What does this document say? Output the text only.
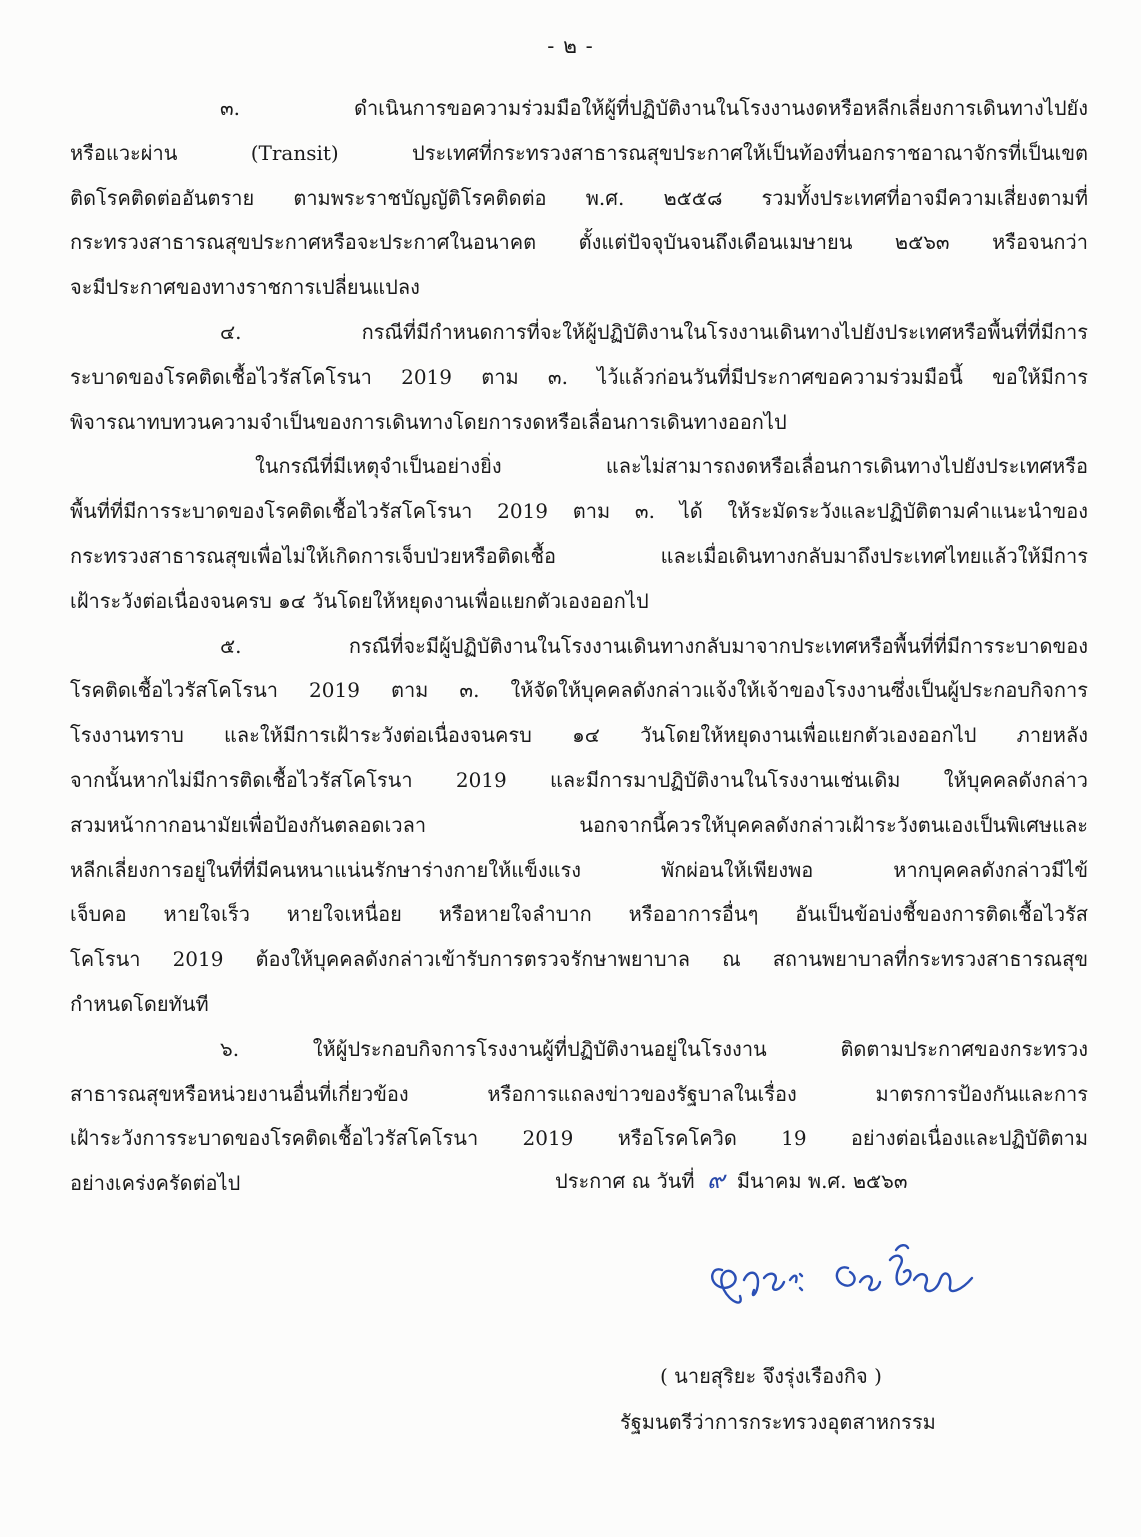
- ๒ -

๓. ดำเนินการขอความร่วมมือให้ผู้ที่ปฏิบัติงานในโรงงานงดหรือหลีกเลี่ยงการเดินทางไปยัง
หรือแวะผ่าน (Transit) ประเทศที่กระทรวงสาธารณสุขประกาศให้เป็นท้องที่นอกราชอาณาจักรที่เป็นเขต
ติดโรคติดต่ออันตราย ตามพระราชบัญญัติโรคติดต่อ พ.ศ. ๒๕๕๘ รวมทั้งประเทศที่อาจมีความเสี่ยงตามที่
กระทรวงสาธารณสุขประกาศหรือจะประกาศในอนาคต ตั้งแต่ปัจจุบันจนถึงเดือนเมษายน ๒๕๖๓ หรือจนกว่า
จะมีประกาศของทางราชการเปลี่ยนแปลง

๔. กรณีที่มีกำหนดการที่จะให้ผู้ปฏิบัติงานในโรงงานเดินทางไปยังประเทศหรือพื้นที่ที่มีการ
ระบาดของโรคติดเชื้อไวรัสโคโรนา 2019 ตาม ๓. ไว้แล้วก่อนวันที่มีประกาศขอความร่วมมือนี้ ขอให้มีการ
พิจารณาทบทวนความจำเป็นของการเดินทางโดยการงดหรือเลื่อนการเดินทางออกไป

ในกรณีที่มีเหตุจำเป็นอย่างยิ่ง และไม่สามารถงดหรือเลื่อนการเดินทางไปยังประเทศหรือ
พื้นที่ที่มีการระบาดของโรคติดเชื้อไวรัสโคโรนา 2019 ตาม ๓. ได้ ให้ระมัดระวังและปฏิบัติตามคำแนะนำของ
กระทรวงสาธารณสุขเพื่อไม่ให้เกิดการเจ็บป่วยหรือติดเชื้อ และเมื่อเดินทางกลับมาถึงประเทศไทยแล้วให้มีการ
เฝ้าระวังต่อเนื่องจนครบ ๑๔ วันโดยให้หยุดงานเพื่อแยกตัวเองออกไป

๕. กรณีที่จะมีผู้ปฏิบัติงานในโรงงานเดินทางกลับมาจากประเทศหรือพื้นที่ที่มีการระบาดของ
โรคติดเชื้อไวรัสโคโรนา 2019 ตาม ๓. ให้จัดให้บุคคลดังกล่าวแจ้งให้เจ้าของโรงงานซึ่งเป็นผู้ประกอบกิจการ
โรงงานทราบ และให้มีการเฝ้าระวังต่อเนื่องจนครบ ๑๔ วันโดยให้หยุดงานเพื่อแยกตัวเองออกไป ภายหลัง
จากนั้นหากไม่มีการติดเชื้อไวรัสโคโรนา 2019 และมีการมาปฏิบัติงานในโรงงานเช่นเดิม ให้บุคคลดังกล่าว
สวมหน้ากากอนามัยเพื่อป้องกันตลอดเวลา นอกจากนี้ควรให้บุคคลดังกล่าวเฝ้าระวังตนเองเป็นพิเศษและ
หลีกเลี่ยงการอยู่ในที่ที่มีคนหนาแน่นรักษาร่างกายให้แข็งแรง พักผ่อนให้เพียงพอ หากบุคคลดังกล่าวมีไข้
เจ็บคอ หายใจเร็ว หายใจเหนื่อย หรือหายใจลำบาก หรืออาการอื่นๆ อันเป็นข้อบ่งชี้ของการติดเชื้อไวรัส
โคโรนา 2019 ต้องให้บุคคลดังกล่าวเข้ารับการตรวจรักษาพยาบาล ณ สถานพยาบาลที่กระทรวงสาธารณสุข
กำหนดโดยทันที

๖. ให้ผู้ประกอบกิจการโรงงานผู้ที่ปฏิบัติงานอยู่ในโรงงาน ติดตามประกาศของกระทรวง
สาธารณสุขหรือหน่วยงานอื่นที่เกี่ยวข้อง หรือการแถลงข่าวของรัฐบาลในเรื่อง มาตรการป้องกันและการ
เฝ้าระวังการระบาดของโรคติดเชื้อไวรัสโคโรนา 2019 หรือโรคโควิด 19 อย่างต่อเนื่องและปฏิบัติตาม
อย่างเคร่งครัดต่อไป	ประกาศ ณ วันที่ ๙ มีนาคม พ.ศ. ๒๕๖๓
( นายสุริยะ จึงรุ่งเรืองกิจ )
รัฐมนตรีว่าการกระทรวงอุตสาหกรรม
